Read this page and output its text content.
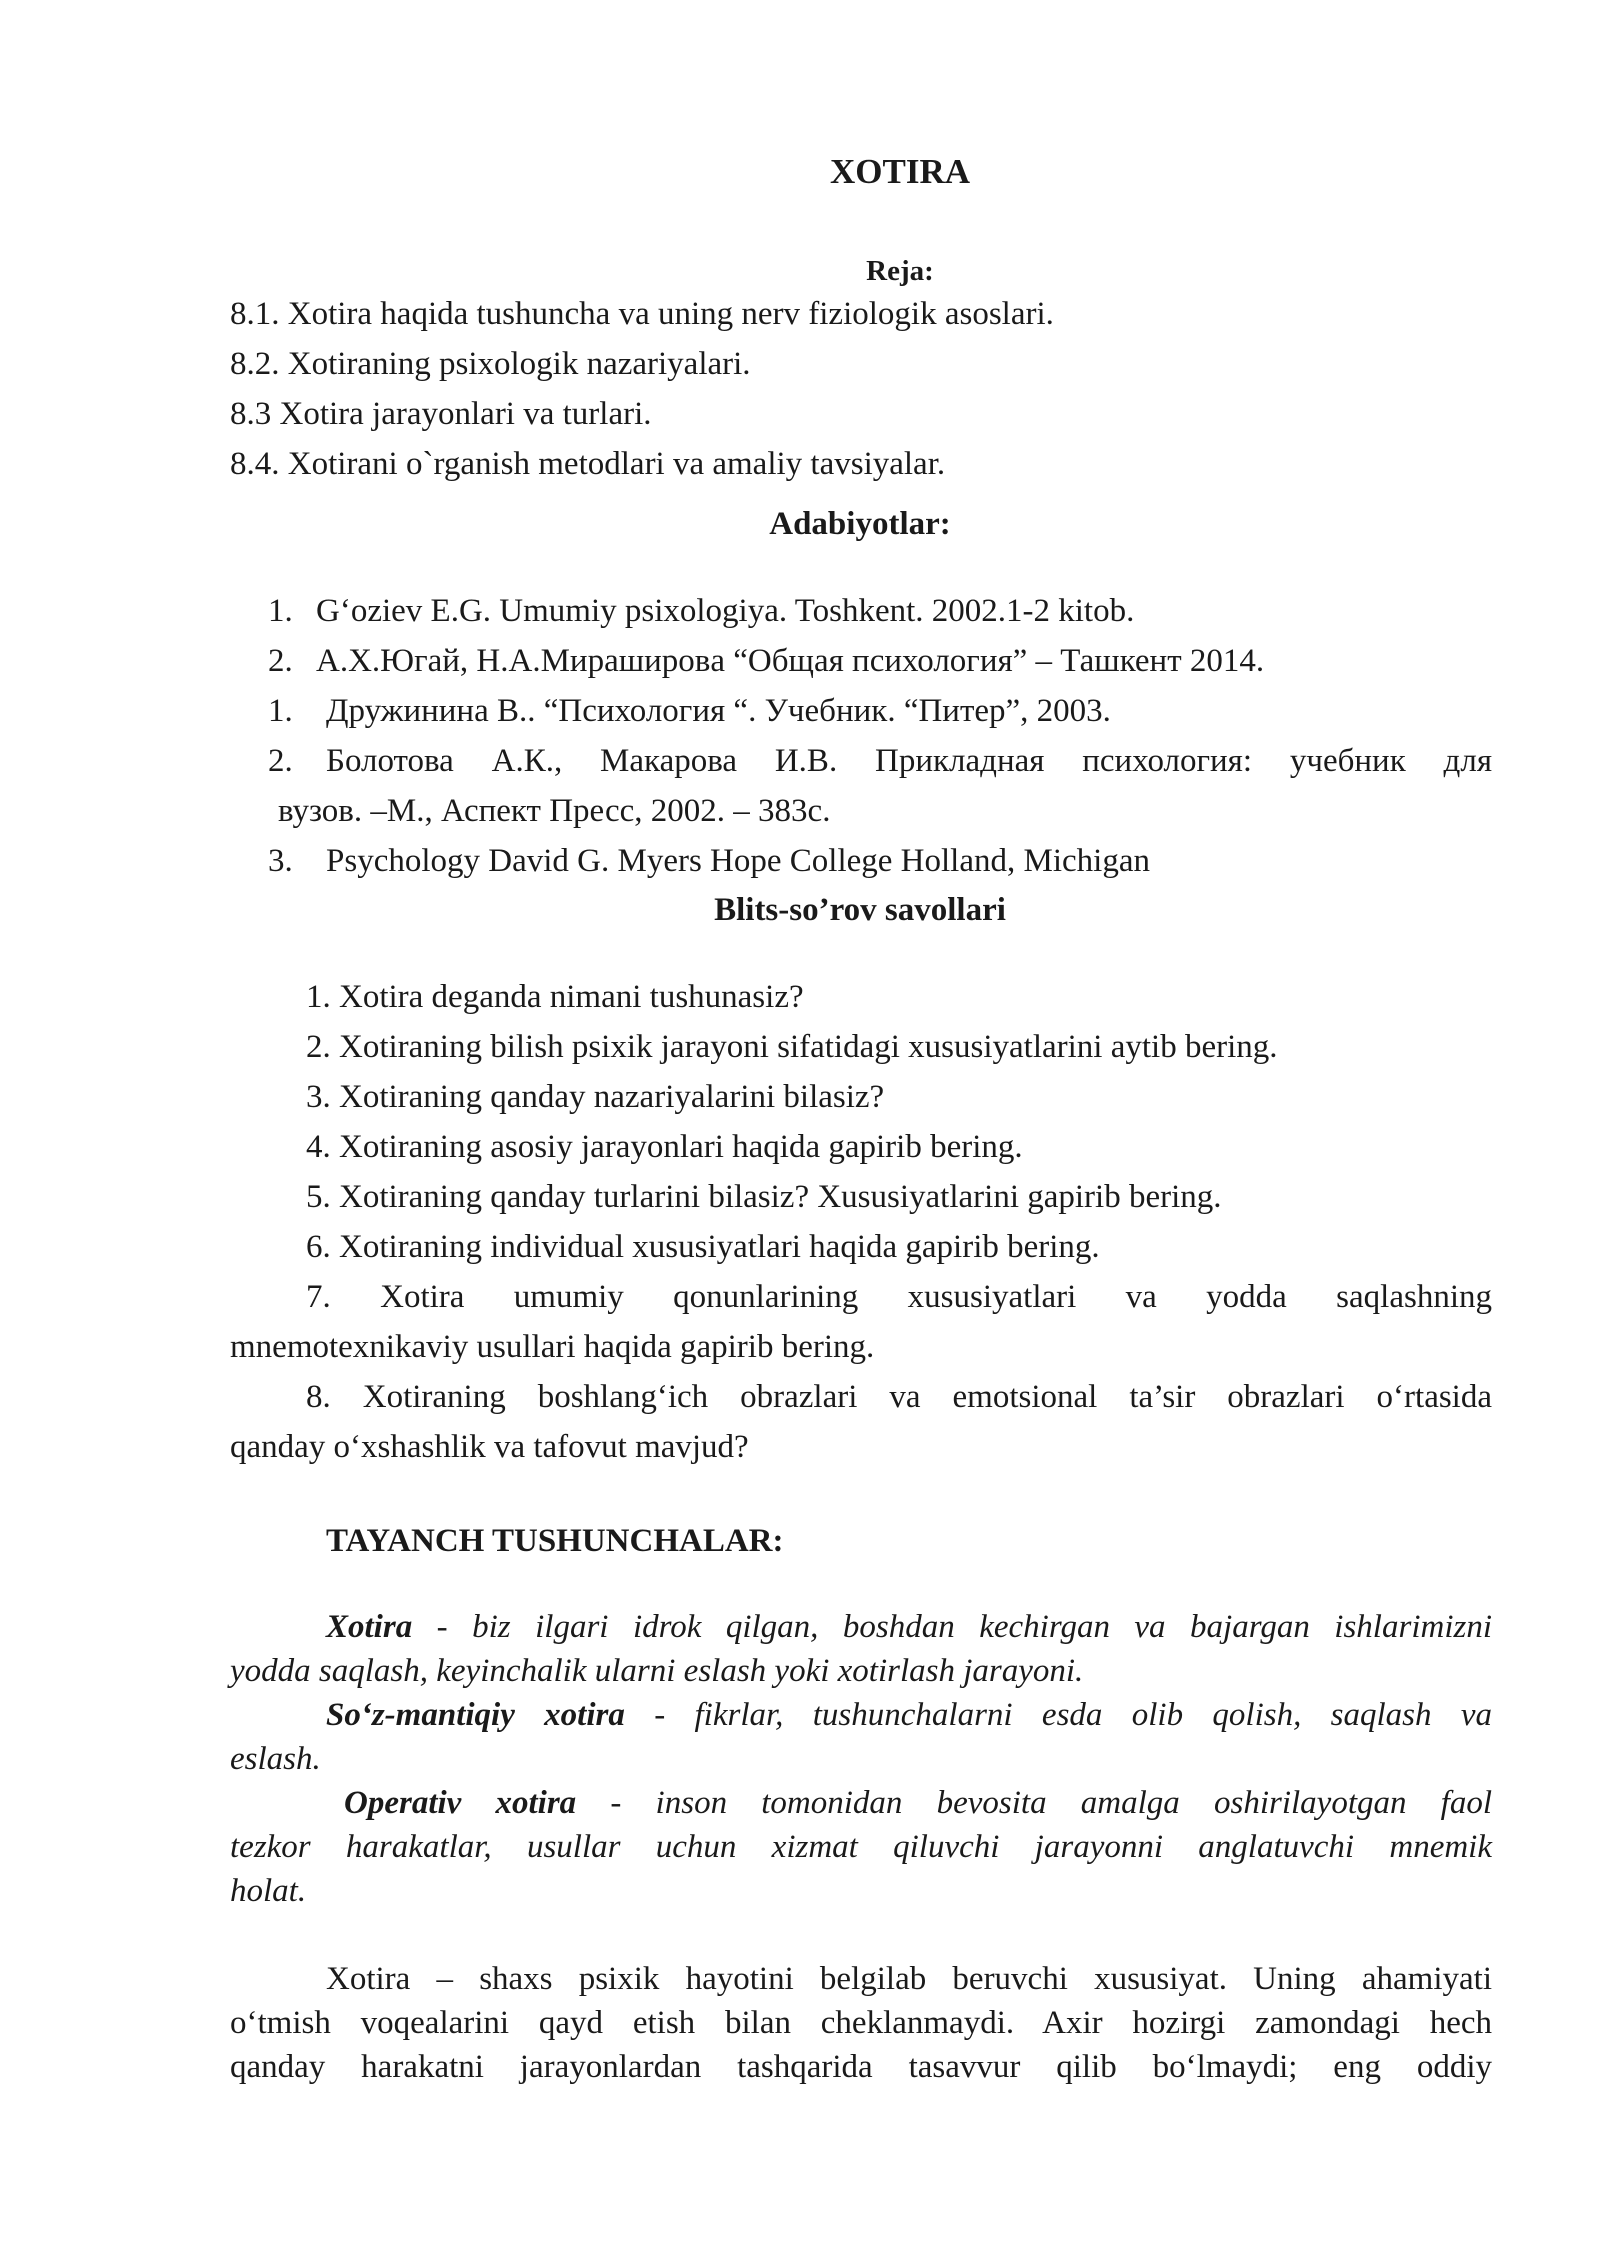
XOTIRA
Reja:
8.1. Xotira haqida tushuncha va uning nerv fiziologik asoslari.
8.2. Xotiraning psixologik nazariyalari.
8.3 Xotira jarayonlari va turlari.
8.4. Xotirani o`rganish metodlari va amaliy tavsiyalar.
Adabiyotlar:
1. G‘oziev E.G. Umumiy psixologiya. Toshkent. 2002.1-2 kitob.
2. А.Х.Югай, Н.А.Мирашировa “Общая психология” – Ташкент 2014.
1. Дружинина В.. “Психология “. Учебник. “Питер”, 2003.
2. Болотова А.К., Макарова И.В. Прикладная психология: учебник для
вузов. –М., Аспект Пресс, 2002. – 383с.
3. Psychology David G. Myers Hope College Holland, Michigan
Blits-so’rov savollari
1. Xotira deganda nimani tushunasiz?
2. Xotiraning bilish psixik jarayoni sifatidagi xususiyatlarini aytib bering.
3. Xotiraning qanday nazariyalarini bilasiz?
4. Xotiraning asosiy jarayonlari haqida gapirib bering.
5. Xotiraning qanday turlarini bilasiz? Xususiyatlarini gapirib bering.
6. Xotiraning individual xususiyatlari haqida gapirib bering.
7. Xotira umumiy qonunlarining xususiyatlari va yodda saqlashning
mnemotexnikaviy usullari haqida gapirib bering.
8. Xotiraning boshlang‘ich obrazlari va emotsional ta’sir obrazlari o‘rtasida
qanday o‘xshashlik va tafovut mavjud?
TAYANCH TUSHUNCHALAR:
Xotira - biz ilgari idrok qilgan, boshdan kechirgan va bajargan ishlarimizni
yodda saqlash, keyinchalik ularni eslash yoki xotirlash jarayoni.
So‘z-mantiqiy xotira - fikrlar, tushunchalarni esda olib qolish, saqlash va
eslash.
Operativ xotira - inson tomonidan bevosita amalga oshirilayotgan faol
tezkor harakatlar, usullar uchun xizmat qiluvchi jarayonni anglatuvchi mnemik
holat.
Xotira – shaxs psixik hayotini belgilab beruvchi xususiyat. Uning ahamiyati
o‘tmish voqealarini qayd etish bilan cheklanmaydi. Axir hozirgi zamondagi hech
qanday harakatni jarayonlardan tashqarida tasavvur qilib bo‘lmaydi; eng oddiy
